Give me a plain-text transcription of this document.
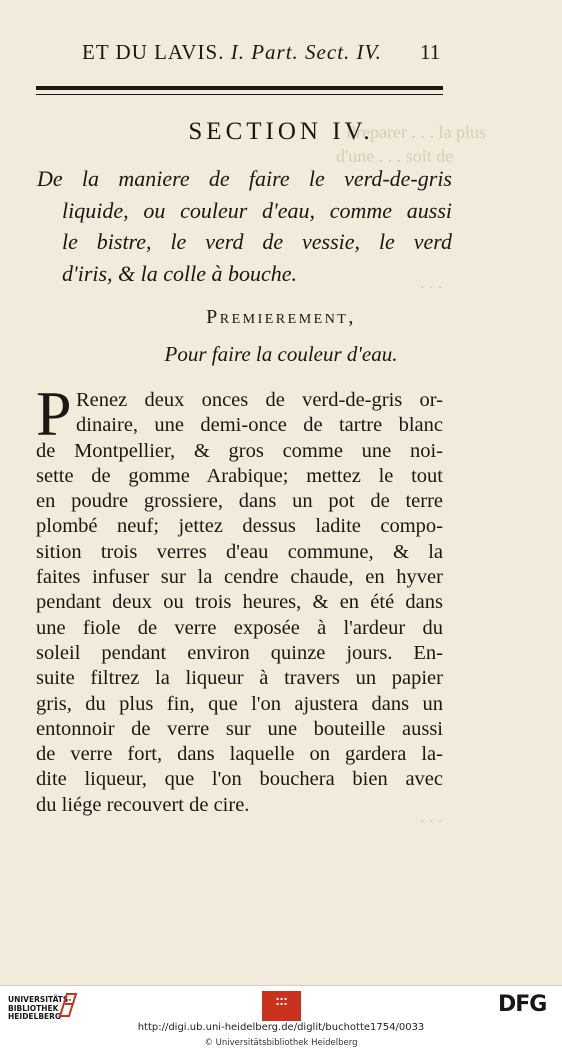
Preparer . . . la plus
d'une . . . soit de
. . .
. . .
ET DU LAVIS. I. Part. Sect. IV. 11
SECTION IV.
De la maniere de faire le verd-de-gris
liquide, ou couleur d'eau, comme aussi
le bistre, le verd de vessie, le verd
d'iris, & la colle à bouche.
Premierement,
Pour faire la couleur d'eau.
P Renez deux onces de verd-de-gris or-
dinaire, une demi-once de tartre blanc
de Montpellier, & gros comme une noi-
sette de gomme Arabique; mettez le tout
en poudre grossiere, dans un pot de terre
plombé neuf; jettez dessus ladite compo-
sition trois verres d'eau commune, & la
faites infuser sur la cendre chaude, en hyver
pendant deux ou trois heures, & en été dans
une fiole de verre exposée à l'ardeur du
soleil pendant environ quinze jours. En-
suite filtrez la liqueur à travers un papier
gris, du plus fin, que l'on ajustera dans un
entonnoir de verre sur une bouteille aussi
de verre fort, dans laquelle on gardera la-
dite liqueur, que l'on bouchera bien avec
du liége recouvert de cire.
UNIVERSITÄTS-
BIBLIOTHEK
HEIDELBERG
▪ ▪ ▪
▪ ▪ ▪	DFG
http://digi.ub.uni-heidelberg.de/diglit/buchotte1754/0033
© Universitätsbibliothek Heidelberg
